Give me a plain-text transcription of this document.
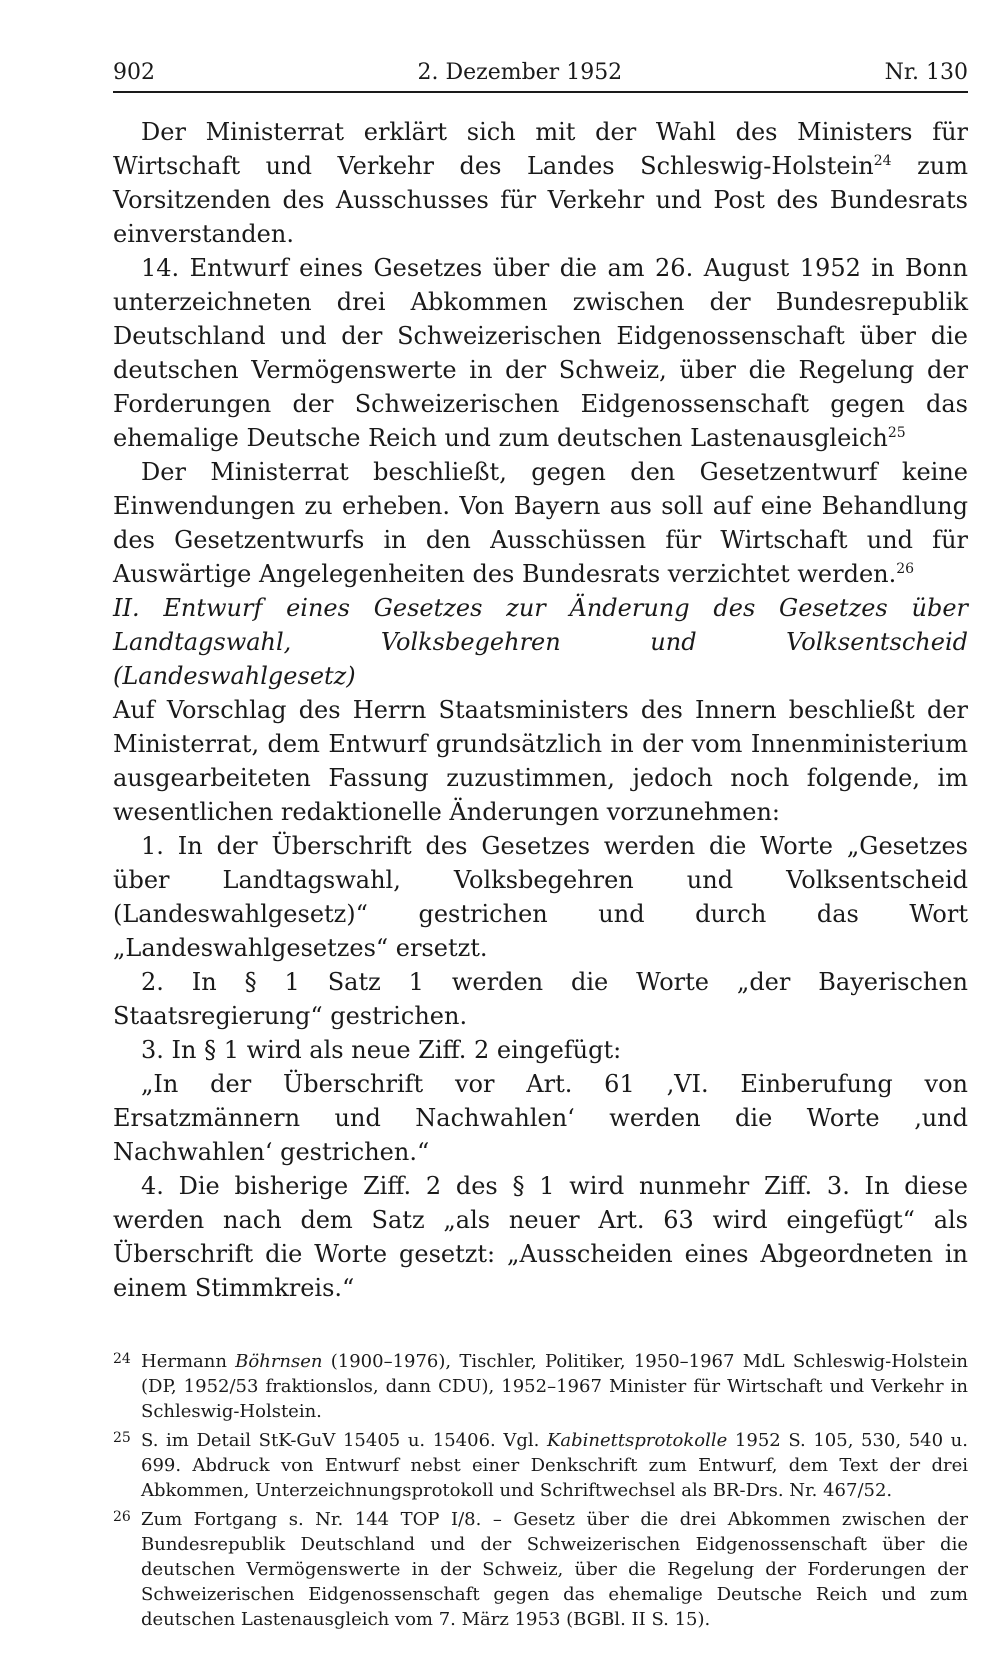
902	2. Dezember 1952	Nr. 130

Der Ministerrat erklärt sich mit der Wahl des Ministers für Wirtschaft und Verkehr des Landes Schleswig-Holstein$^{24}$ zum Vorsitzenden des Ausschusses für Verkehr und Post des Bundesrats einverstanden.

14. Entwurf eines Gesetzes über die am 26. August 1952 in Bonn unterzeichneten drei Abkommen zwischen der Bundesrepublik Deutschland und der Schweizerischen Eidgenossenschaft über die deutschen Vermögenswerte in der Schweiz, über die Regelung der Forderungen der Schweizerischen Eidgenossenschaft gegen das ehemalige Deutsche Reich und zum deutschen Lastenausgleich$^{25}$

Der Ministerrat beschließt, gegen den Gesetzentwurf keine Einwendungen zu erheben. Von Bayern aus soll auf eine Behandlung des Gesetzentwurfs in den Ausschüssen für Wirtschaft und für Auswärtige Angelegenheiten des Bundesrats verzichtet werden.$^{26}$

II. Entwurf eines Gesetzes zur Änderung des Gesetzes über Landtagswahl, Volksbegehren und Volksentscheid (Landeswahlgesetz)

Auf Vorschlag des Herrn Staatsministers des Innern beschließt der Ministerrat, dem Entwurf grundsätzlich in der vom Innenministerium ausgearbeiteten Fassung zuzustimmen, jedoch noch folgende, im wesentlichen redaktionelle Änderungen vorzunehmen:

1. In der Überschrift des Gesetzes werden die Worte „Gesetzes über Landtagswahl, Volksbegehren und Volksentscheid (Landeswahlgesetz)“ gestrichen und durch das Wort „Landeswahlgesetzes“ ersetzt.

2. In § 1 Satz 1 werden die Worte „der Bayerischen Staatsregierung“ gestrichen.

3. In § 1 wird als neue Ziff. 2 eingefügt:

„In der Überschrift vor Art. 61 ‚VI. Einberufung von Ersatzmännern und Nachwahlen‘ werden die Worte ‚und Nachwahlen‘ gestrichen.“

4. Die bisherige Ziff. 2 des § 1 wird nunmehr Ziff. 3. In diese werden nach dem Satz „als neuer Art. 63 wird eingefügt“ als Überschrift die Worte gesetzt: „Ausscheiden eines Abgeordneten in einem Stimmkreis.“

24 Hermann Böhrnsen (1900–1976), Tischler, Politiker, 1950–1967 MdL Schleswig-Holstein (DP, 1952/53 fraktionslos, dann CDU), 1952–1967 Minister für Wirtschaft und Verkehr in Schleswig-Holstein.
25 S. im Detail StK-GuV 15405 u. 15406. Vgl. Kabinettsprotokolle 1952 S. 105, 530, 540 u. 699. Abdruck von Entwurf nebst einer Denkschrift zum Entwurf, dem Text der drei Abkommen, Unterzeichnungsprotokoll und Schriftwechsel als BR-Drs. Nr. 467/52.
26 Zum Fortgang s. Nr. 144 TOP I/8. – Gesetz über die drei Abkommen zwischen der Bundesrepublik Deutschland und der Schweizerischen Eidgenossenschaft über die deutschen Vermögenswerte in der Schweiz, über die Regelung der Forderungen der Schweizerischen Eidgenossenschaft gegen das ehemalige Deutsche Reich und zum deutschen Lastenausgleich vom 7. März 1953 (BGBl. II S. 15).
